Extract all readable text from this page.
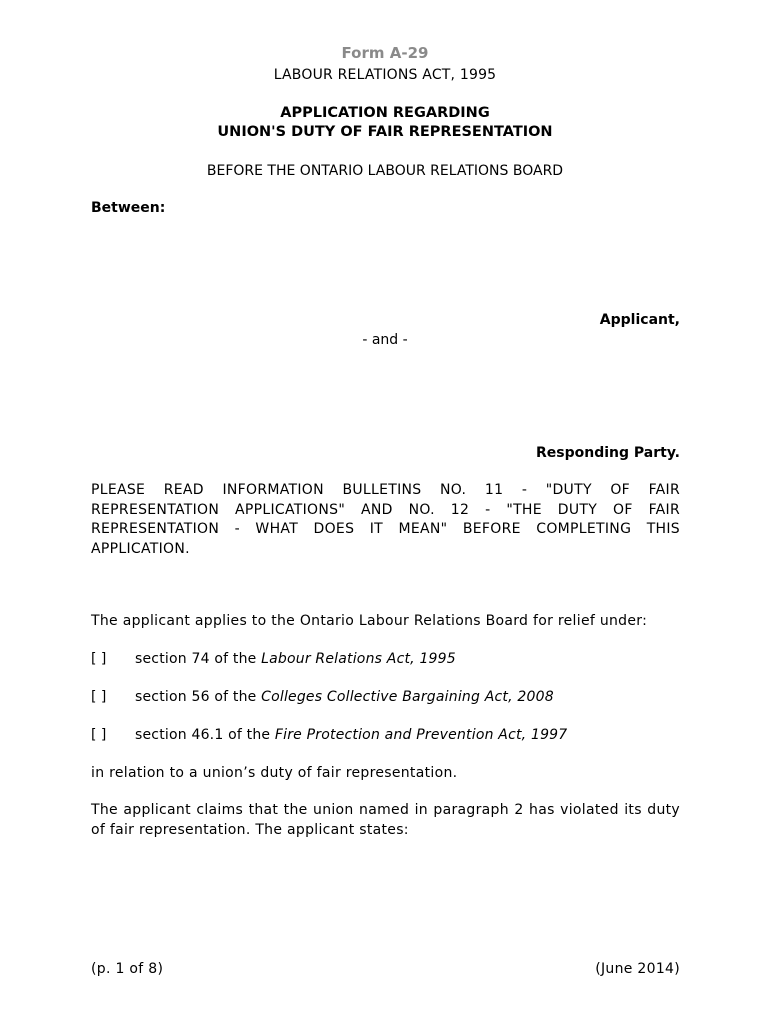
Form A-29
LABOUR RELATIONS ACT, 1995
APPLICATION REGARDING
UNION'S DUTY OF FAIR REPRESENTATION
BEFORE THE ONTARIO LABOUR RELATIONS BOARD
Between:
Applicant,
- and -
Responding Party.
PLEASE READ INFORMATION BULLETINS NO. 11 - "DUTY OF FAIR REPRESENTATION APPLICATIONS" AND NO. 12 - "THE DUTY OF FAIR REPRESENTATION - WHAT DOES IT MEAN" BEFORE COMPLETING THIS APPLICATION.
The applicant applies to the Ontario Labour Relations Board for relief under:
[ ] section 74 of the Labour Relations Act, 1995
[ ] section 56 of the Colleges Collective Bargaining Act, 2008
[ ] section 46.1 of the Fire Protection and Prevention Act, 1997
in relation to a union’s duty of fair representation.
The applicant claims that the union named in paragraph 2 has violated its duty of fair representation. The applicant states:
(p. 1 of 8)	(June 2014)
